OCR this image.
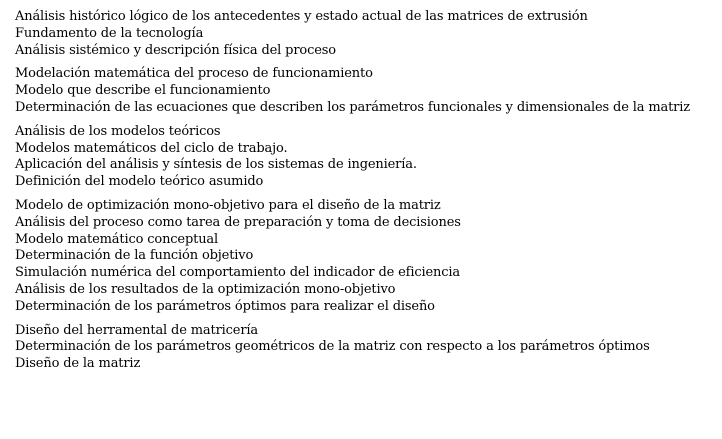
Análisis histórico lógico de los antecedentes y estado actual de las matrices de extrusión
Fundamento de la tecnología
Análisis sistémico y descripción física del proceso
Modelación matemática del proceso de funcionamiento
Modelo que describe el funcionamiento
Determinación de las ecuaciones que describen los parámetros funcionales y dimensionales de la matriz
Análisis de los modelos teóricos
Modelos matemáticos del ciclo de trabajo.
Aplicación del análisis y síntesis de los sistemas de ingeniería.
Definición del modelo teórico asumido
Modelo de optimización mono-objetivo para el diseño de la matriz
Análisis del proceso como tarea de preparación y toma de decisiones
Modelo matemático conceptual
Determinación de la función objetivo
Simulación numérica del comportamiento del indicador de eficiencia
Análisis de los resultados de la optimización mono-objetivo
Determinación de los parámetros óptimos para realizar el diseño
Diseño del herramental de matricería
Determinación de los parámetros geométricos de la matriz con respecto a los parámetros óptimos
Diseño de la matriz
